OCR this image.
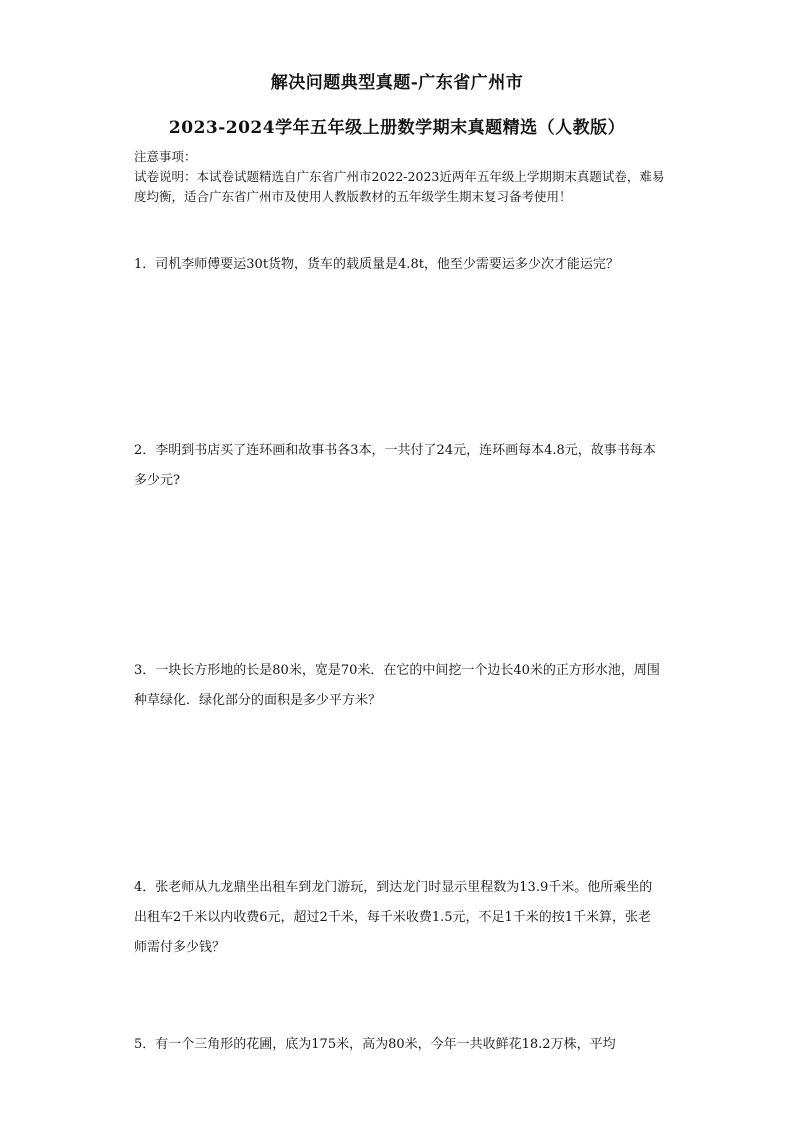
解决问题典型真题-广东省广州市
2023-2024学年五年级上册数学期末真题精选（人教版）
注意事项：
试卷说明：本试卷试题精选自广东省广州市2022-2023近两年五年级上学期期末真题试卷，难易度均衡，适合广东省广州市及使用人教版教材的五年级学生期末复习备考使用！
1．司机李师傅要运30t货物，货车的载质量是4.8t，他至少需要运多少次才能运完？
2．李明到书店买了连环画和故事书各3本，一共付了24元，连环画每本4.8元，故事书每本多少元?
3．一块长方形地的长是80米，宽是70米．在它的中间挖一个边长40米的正方形水池，周围种草绿化．绿化部分的面积是多少平方米？
4．张老师从九龙鼎坐出租车到龙门游玩，到达龙门时显示里程数为13.9千米。他所乘坐的出租车2千米以内收费6元，超过2千米，每千米收费1.5元，不足1千米的按1千米算，张老师需付多少钱？
5．有一个三角形的花圃，底为175米，高为80米，今年一共收鲜花18.2万株，平均
